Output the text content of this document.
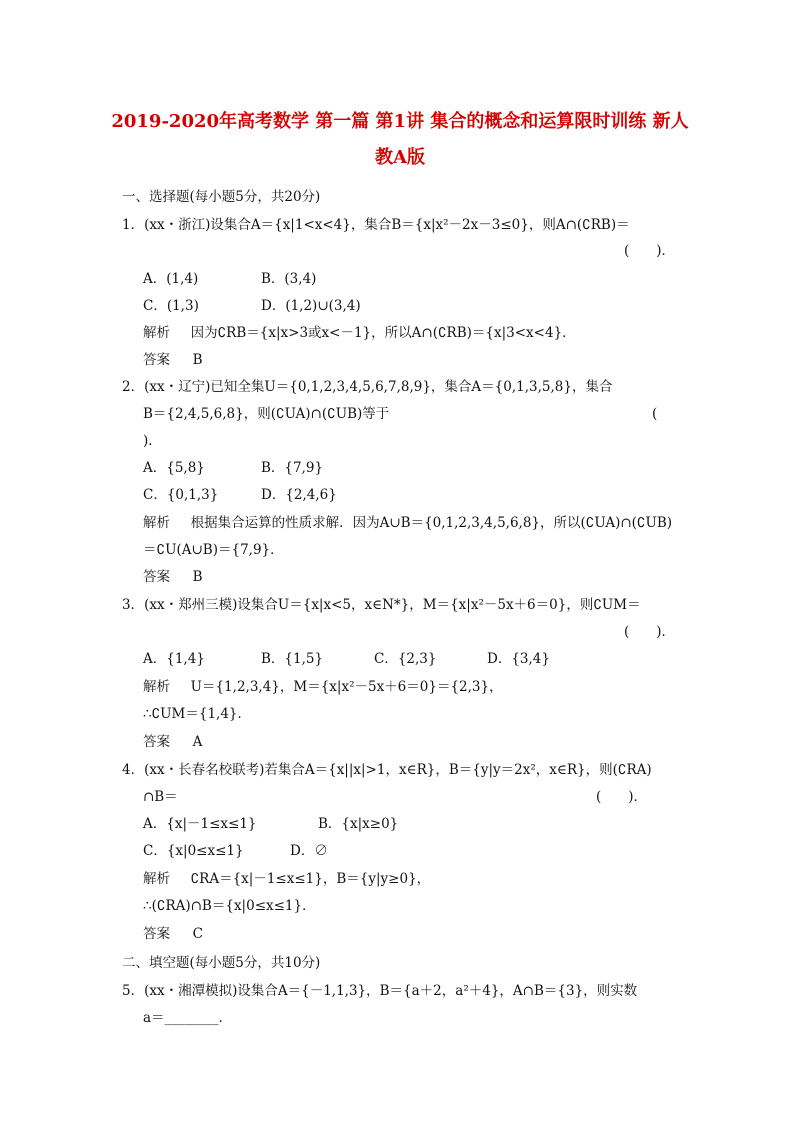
2019-2020年高考数学 第一篇 第1讲 集合的概念和运算限时训练 新人
教A版
一、选择题(每小题5分，共20分)
1．(xx・浙江)设集合A＝{x|1<x<4}，集合B＝{x|x²－2x－3≤0}，则A∩(∁RB)＝
(　　)．
A．(1,4)	B．(3,4)
C．(1,3)	D．(1,2)∪(3,4)
解析 因为∁RB＝{x|x>3或x<－1}，所以A∩(∁RB)＝{x|3<x<4}．
答案 B
2．(xx・辽宁)已知全集U＝{0,1,2,3,4,5,6,7,8,9}，集合A＝{0,1,3,5,8}，集合
B＝{2,4,5,6,8}，则(∁UA)∩(∁UB)等于	(
)．
A．{5,8}	B．{7,9}
C．{0,1,3}	D．{2,4,6}
解析 根据集合运算的性质求解．因为A∪B＝{0,1,2,3,4,5,6,8}，所以(∁UA)∩(∁UB)
＝∁U(A∪B)＝{7,9}．
答案 B
3．(xx・郑州三模)设集合U＝{x|x<5，x∈N*}，M＝{x|x²－5x＋6＝0}，则∁UM＝
(　　)．
A．{1,4}	B．{1,5}	C．{2,3}	D．{3,4}
解析 U＝{1,2,3,4}，M＝{x|x²－5x＋6＝0}＝{2,3}，
∴∁UM＝{1,4}．
答案 A
4．(xx・长春名校联考)若集合A＝{x||x|>1，x∈R}，B＝{y|y＝2x²，x∈R}，则(∁RA)
∩B＝	(　　)．
A．{x|－1≤x≤1}	B．{x|x≥0}
C．{x|0≤x≤1}	D．∅
解析 ∁RA＝{x|－1≤x≤1}，B＝{y|y≥0}，
∴(∁RA)∩B＝{x|0≤x≤1}．
答案 C
二、填空题(每小题5分，共10分)
5．(xx・湘潭模拟)设集合A＝{－1,1,3}，B＝{a＋2，a²＋4}，A∩B＝{3}，则实数
a＝________．
